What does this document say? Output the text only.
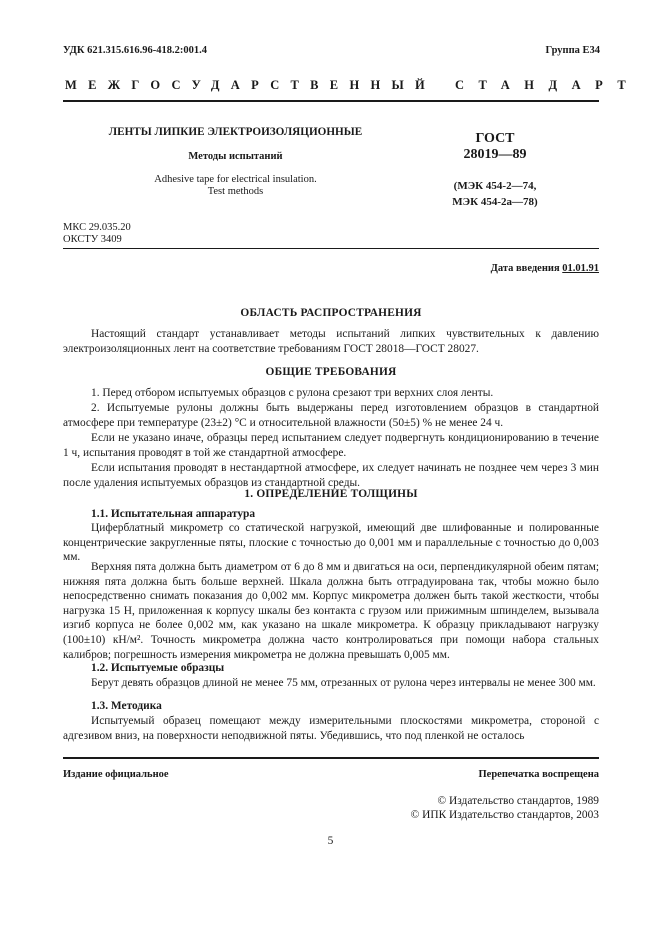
УДК 621.315.616.96-418.2:001.4	Группа Е34
МЕЖГОСУДАРСТВЕННЫЙ СТАНДАРТ
ЛЕНТЫ ЛИПКИЕ ЭЛЕКТРОИЗОЛЯЦИОННЫЕ
Методы испытаний
Adhesive tape for electrical insulation.
Test methods
ГОСТ
28019—89
(МЭК 454-2—74,
МЭК 454-2а—78)
МКС 29.035.20
ОКСТУ 3409
Дата введения 01.01.91
ОБЛАСТЬ РАСПРОСТРАНЕНИЯ
Настоящий стандарт устанавливает методы испытаний липких чувствительных к давлению электроизоляционных лент на соответствие требованиям ГОСТ 28018—ГОСТ 28027.
ОБЩИЕ ТРЕБОВАНИЯ
1. Перед отбором испытуемых образцов с рулона срезают три верхних слоя ленты.
2. Испытуемые рулоны должны быть выдержаны перед изготовлением образцов в стандартной атмосфере при температуре (23±2) °С и относительной влажности (50±5) % не менее 24 ч.
Если не указано иначе, образцы перед испытанием следует подвергнуть кондиционированию в течение 1 ч, испытания проводят в той же стандартной атмосфере.
Если испытания проводят в нестандартной атмосфере, их следует начинать не позднее чем через 3 мин после удаления испытуемых образцов из стандартной среды.
1. ОПРЕДЕЛЕНИЕ ТОЛЩИНЫ
1.1. Испытательная аппаратура
Циферблатный микрометр со статической нагрузкой, имеющий две шлифованные и полированные концентрические закругленные пяты, плоские с точностью до 0,001 мм и параллельные с точностью до 0,003 мм.
Верхняя пята должна быть диаметром от 6 до 8 мм и двигаться на оси, перпендикулярной обеим пятам; нижняя пята должна быть больше верхней. Шкала должна быть отградуирована так, чтобы можно было непосредственно снимать показания до 0,002 мм. Корпус микрометра должен быть такой жесткости, чтобы нагрузка 15 Н, приложенная к корпусу шкалы без контакта с грузом или прижимным шпинделем, вызывала изгиб корпуса не более 0,002 мм, как указано на шкале микрометра. К образцу прикладывают нагрузку (100±10) кН/м². Точность микрометра должна часто контролироваться при помощи набора стальных калибров; погрешность измерения микрометра не должна превышать 0,005 мм.
1.2. Испытуемые образцы
Берут девять образцов длиной не менее 75 мм, отрезанных от рулона через интервалы не менее 300 мм.
1.3. Методика
Испытуемый образец помещают между измерительными плоскостями микрометра, стороной с адгезивом вниз, на поверхности неподвижной пяты. Убедившись, что под пленкой не осталось
Издание официальное	Перепечатка воспрещена
© Издательство стандартов, 1989
© ИПК Издательство стандартов, 2003
5
